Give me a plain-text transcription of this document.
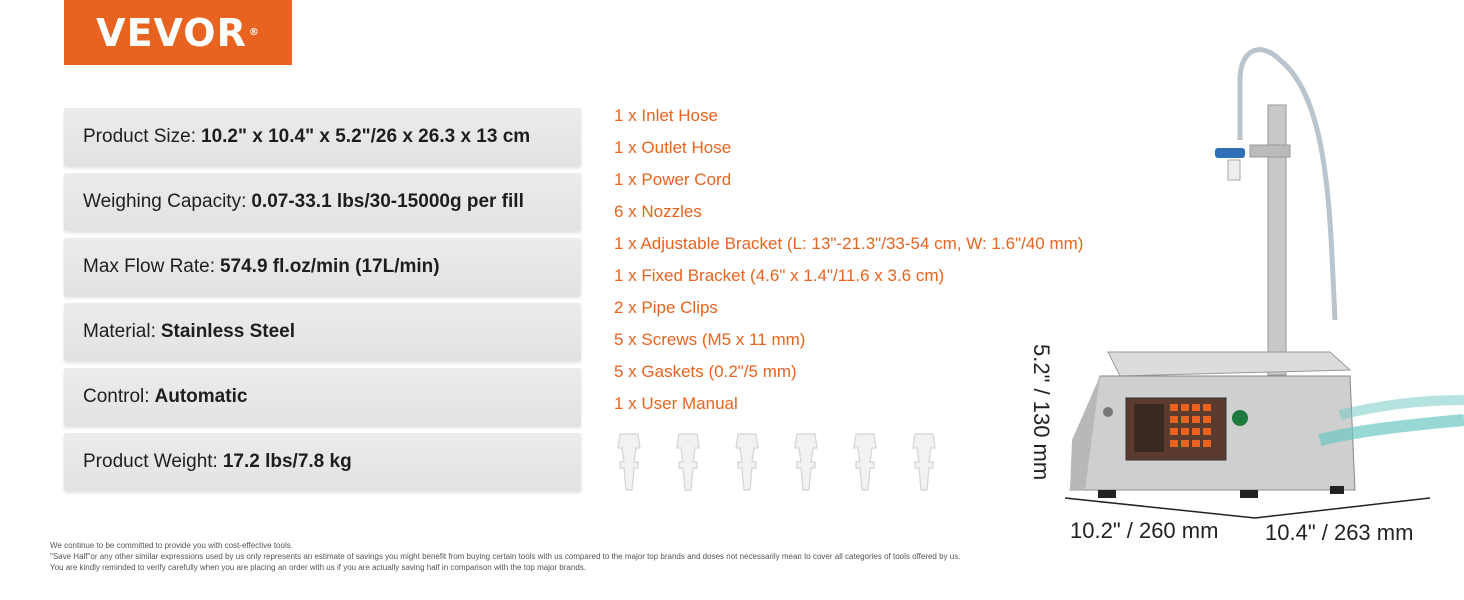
VEVOR ®
Product Size: 10.2" x 10.4" x 5.2"/26 x 26.3 x 13 cm
Weighing Capacity: 0.07-33.1 lbs/30-15000g per fill
Max Flow Rate: 574.9 fl.oz/min (17L/min)
Material: Stainless Steel
Control: Automatic
Product Weight: 17.2 lbs/7.8 kg
1 x Inlet Hose
1 x Outlet Hose
1 x Power Cord
6 x Nozzles
1 x Adjustable Bracket (L: 13"-21.3"/33-54 cm, W: 1.6"/40 mm)
1 x Fixed Bracket (4.6" x 1.4"/11.6 x 3.6 cm)
2 x Pipe Clips
5 x Screws (M5 x 11 mm)
5 x Gaskets (0.2"/5 mm)
1 x User Manual	5.2" / 130 mm
10.2" / 260 mm 10.4" / 263 mm
We continue to be committed to provide you with cost-effective tools.
"Save Half"or any other similar expressions used by us only represents an estimate of savings you might benefit from buying certain tools with us compared to the major top brands and doses not necessarily mean to cover all categories of tools offered by us.
You are kindly reminded to verify carefully when you are placing an order with us if you are actually saving half in comparison with the top major brands.
